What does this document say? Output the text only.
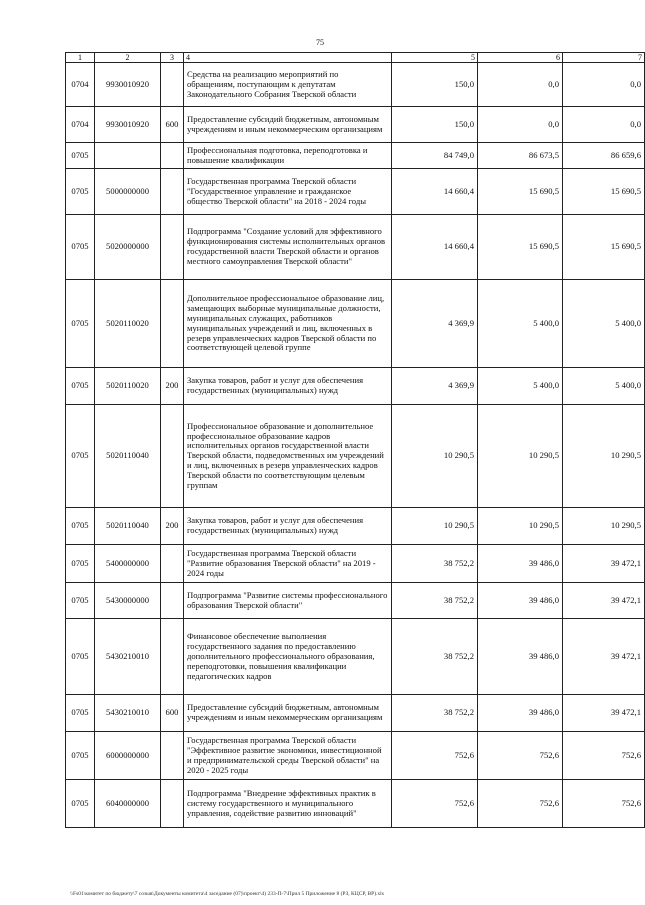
75
1	2	3	4	5	6	7
0704	9930010920		Средства на реализацию мероприятий по обращениям, поступающим к депутатам Законодательного Собрания Тверской области	150,0	0,0	0,0
0704	9930010920	600	Предоставление субсидий бюджетным, автономным учреждениям и иным некоммерческим организациям	150,0	0,0	0,0
0705			Профессиональная подготовка, переподготовка и повышение квалификации	84 749,0	86 673,5	86 659,6
0705	5000000000		Государственная программа Тверской области "Государственное управление и гражданское общество Тверской области" на 2018 - 2024 годы	14 660,4	15 690,5	15 690,5
0705	5020000000		Подпрограмма "Создание условий для эффективного функционирования системы исполнительных органов государственной власти Тверской области и органов местного самоуправления Тверской области"	14 660,4	15 690,5	15 690,5
0705	5020110020		Дополнительное профессиональное образование лиц, замещающих выборные муниципальные должности, муниципальных служащих, работников муниципальных учреждений и лиц, включенных в резерв управленческих кадров Тверской области по соответствующей целевой группе	4 369,9	5 400,0	5 400,0
0705	5020110020	200	Закупка товаров, работ и услуг для обеспечения государственных (муниципальных) нужд	4 369,9	5 400,0	5 400,0
0705	5020110040		Профессиональное образование и дополнительное профессиональное образование кадров исполнительных органов государственной власти Тверской области, подведомственных им учреждений и лиц, включенных в резерв управленческих кадров Тверской области по соответствующим целевым группам	10 290,5	10 290,5	10 290,5
0705	5020110040	200	Закупка товаров, работ и услуг для обеспечения государственных (муниципальных) нужд	10 290,5	10 290,5	10 290,5
0705	5400000000		Государственная программа Тверской области "Развитие образования Тверской области" на 2019 - 2024 годы	38 752,2	39 486,0	39 472,1
0705	5430000000		Подпрограмма "Развитие системы профессионального образования Тверской области"	38 752,2	39 486,0	39 472,1
0705	5430210010		Финансовое обеспечение выполнения государственного задания по предоставлению дополнительного профессионального образования, переподготовки, повышения квалификации педагогических кадров	38 752,2	39 486,0	39 472,1
0705	5430210010	600	Предоставление субсидий бюджетным, автономным учреждениям и иным некоммерческим организациям	38 752,2	39 486,0	39 472,1
0705	6000000000		Государственная программа Тверской области "Эффективное развитие экономики, инвестиционной и предпринимательской среды Тверской области" на 2020 - 2025 годы	752,6	752,6	752,6
0705	6040000000		Подпрограмма "Внедрение эффективных практик в систему государственного и муниципального управления, содействие развитию инноваций"	752,6	752,6	752,6
\\Fs01\комитет по бюджету\7 созыв\Документы комитета\4 заседание (07)\проект\4) 233-П-7\Прил 5 Приложение 8 (РЗ, КЦСР, ВР).xls
